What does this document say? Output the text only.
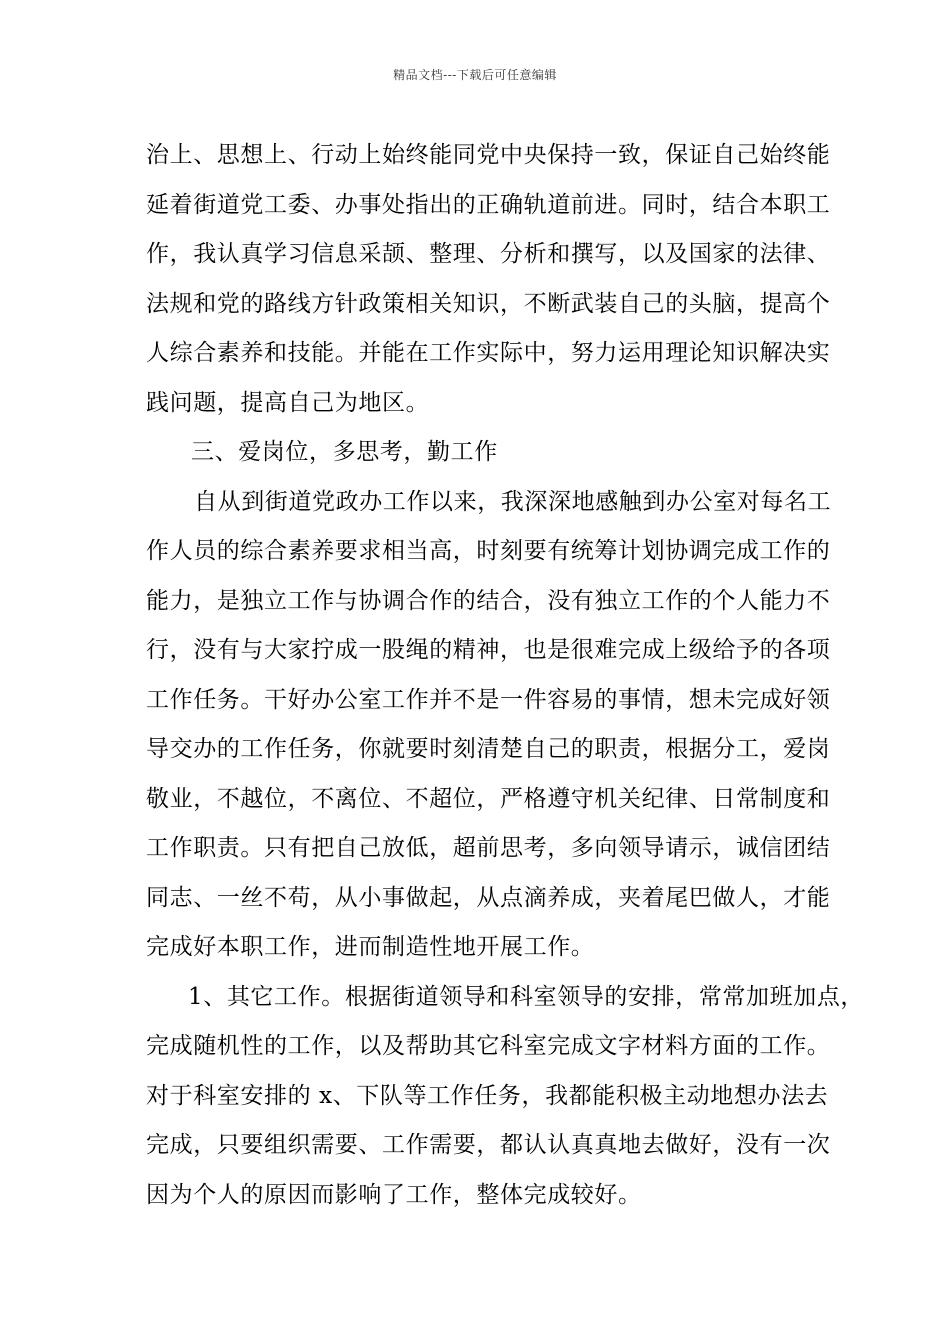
精品文档---下载后可任意编辑
治上、思想上、行动上始终能同党中央保持一致，保证自己始终能
延着街道党工委、办事处指出的正确轨道前进。同时，结合本职工
作，我认真学习信息采颉、整理、分析和撰写，以及国家的法律、
法规和党的路线方针政策相关知识，不断武装自己的头脑，提高个
人综合素养和技能。并能在工作实际中，努力运用理论知识解决实
践问题，提高自己为地区。
三、爱岗位，多思考，勤工作
自从到街道党政办工作以来，我深深地感触到办公室对每名工
作人员的综合素养要求相当高，时刻要有统筹计划协调完成工作的
能力，是独立工作与协调合作的结合，没有独立工作的个人能力不
行，没有与大家拧成一股绳的精神，也是很难完成上级给予的各项
工作任务。干好办公室工作并不是一件容易的事情，想未完成好领
导交办的工作任务，你就要时刻清楚自己的职责，根据分工，爱岗
敬业，不越位，不离位、不超位，严格遵守机关纪律、日常制度和
工作职责。只有把自己放低，超前思考，多向领导请示，诚信团结
同志、一丝不苟，从小事做起，从点滴养成，夹着尾巴做人，才能
完成好本职工作，进而制造性地开展工作。
1、其它工作。根据街道领导和科室领导的安排，常常加班加点，
完成随机性的工作，以及帮助其它科室完成文字材料方面的工作。
对于科室安排的 x、下队等工作任务，我都能积极主动地想办法去
完成，只要组织需要、工作需要，都认认真真地去做好，没有一次
因为个人的原因而影响了工作，整体完成较好。
